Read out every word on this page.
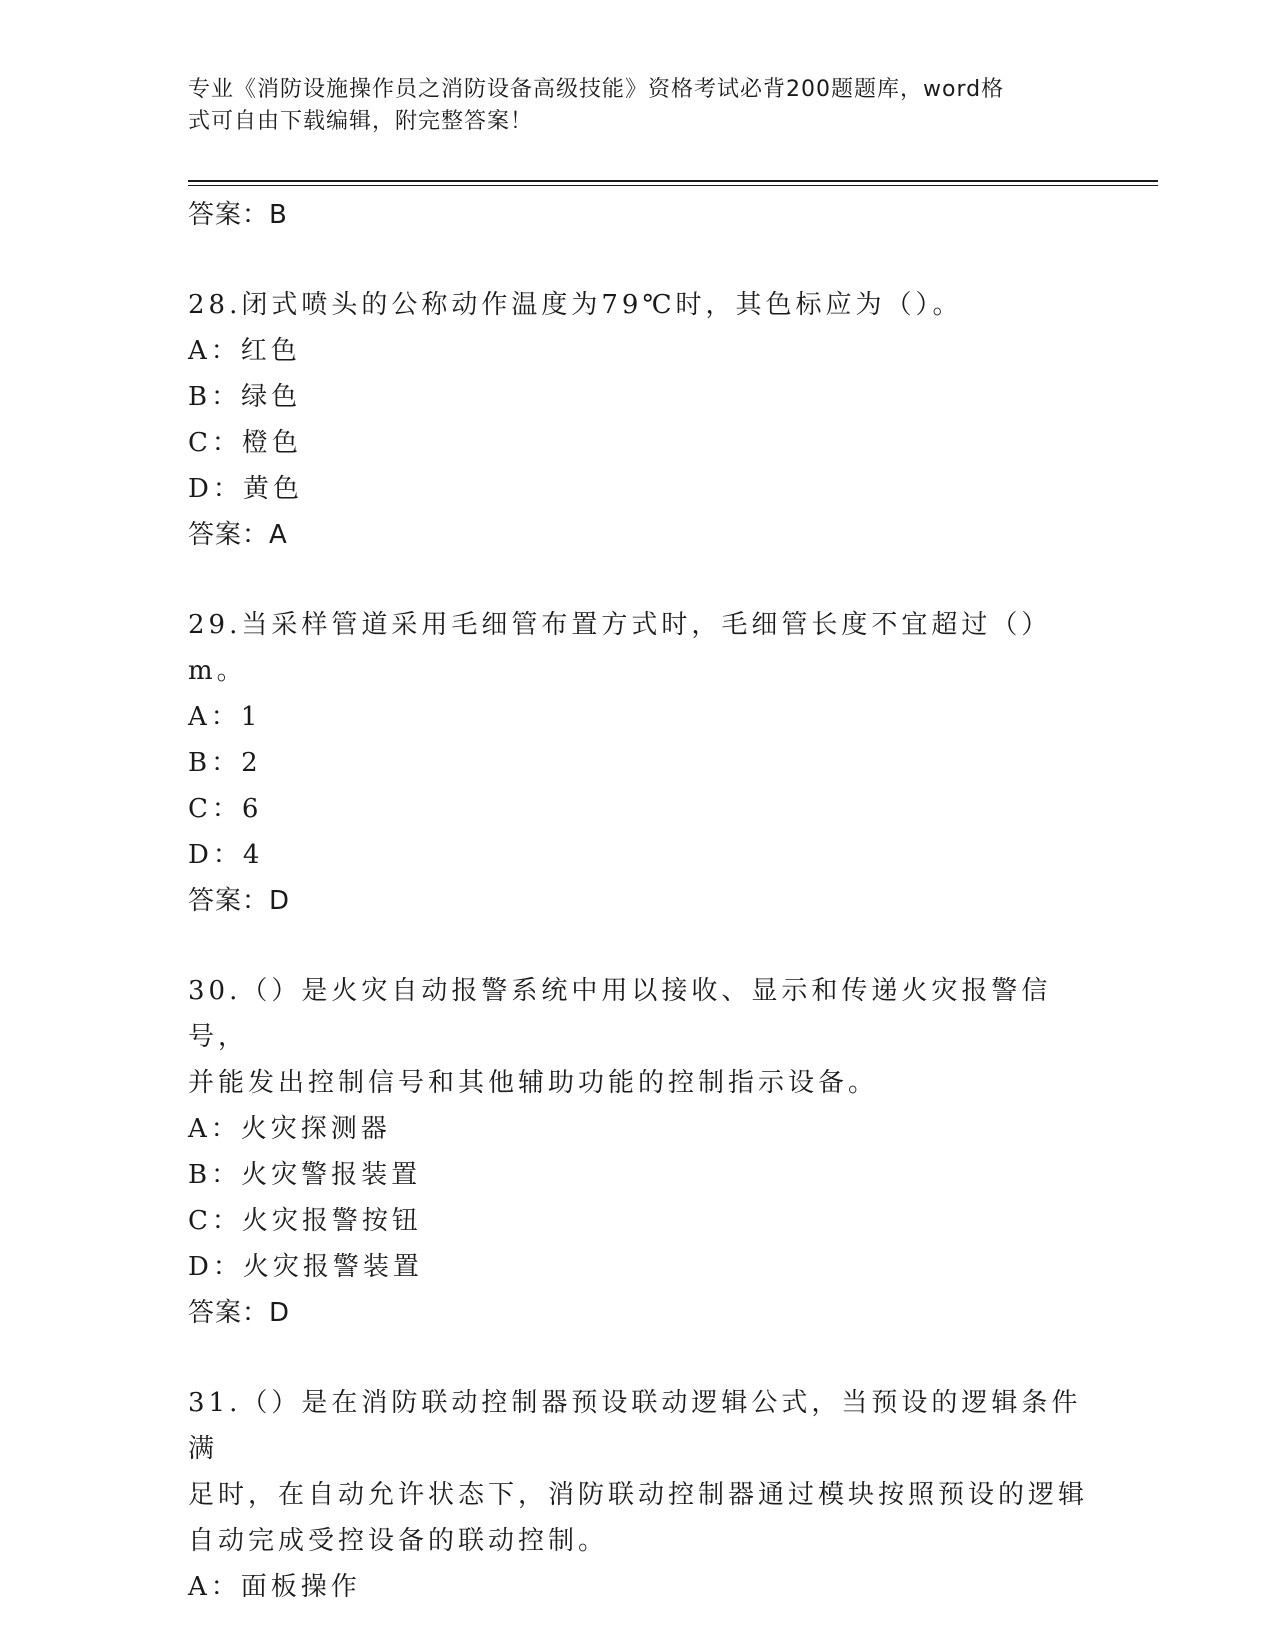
专业《消防设施操作员之消防设备高级技能》资格考试必背200题题库，word格
式可自由下载编辑，附完整答案！
答案：B
28.闭式喷头的公称动作温度为79℃时，其色标应为（）。
A：红色
B：绿色
C：橙色
D：黄色
答案：A
29.当采样管道采用毛细管布置方式时，毛细管长度不宜超过（）m。
A：1
B：2
C：6
D：4
答案：D
30.（）是火灾自动报警系统中用以接收、显示和传递火灾报警信号，
并能发出控制信号和其他辅助功能的控制指示设备。
A：火灾探测器
B：火灾警报装置
C：火灾报警按钮
D：火灾报警装置
答案：D
31.（）是在消防联动控制器预设联动逻辑公式，当预设的逻辑条件满
足时，在自动允许状态下，消防联动控制器通过模块按照预设的逻辑
自动完成受控设备的联动控制。
A：面板操作
